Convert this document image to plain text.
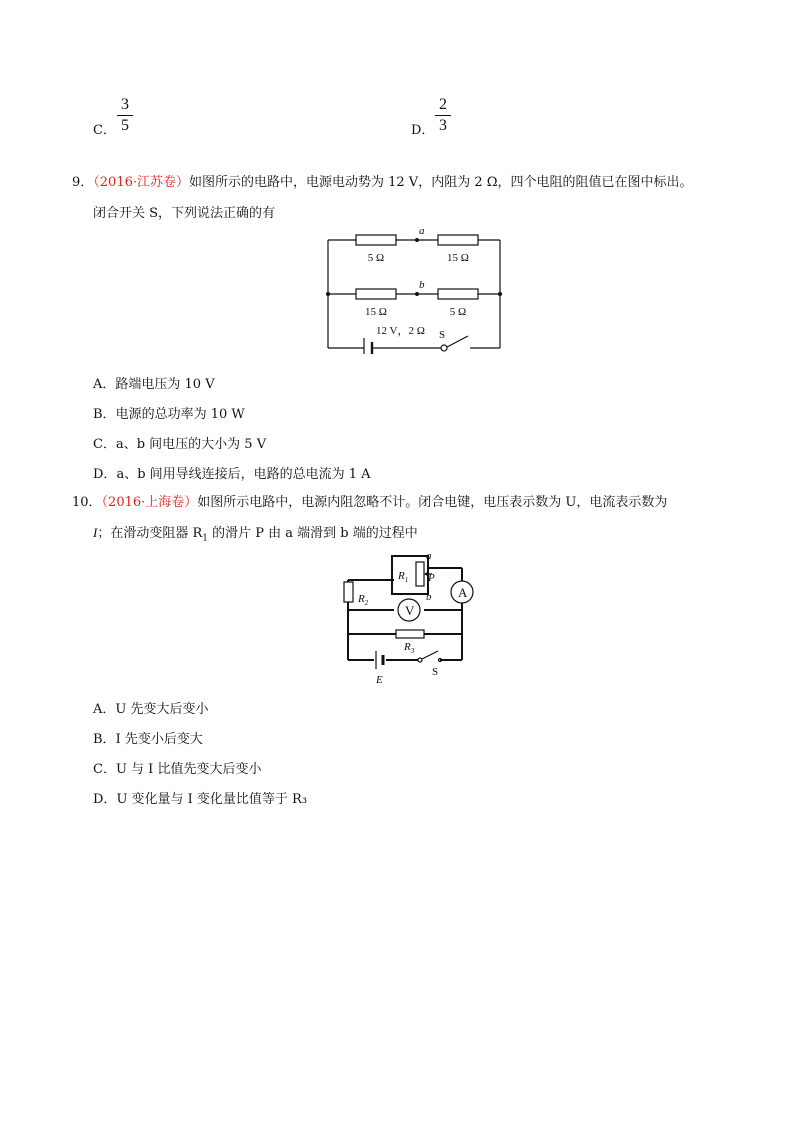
C．
3
5	D．
2
3
9．（2016·江苏卷）如图所示的电路中，电源电动势为 12 V，内阻为 2 Ω，四个电阻的阻值已在图中标出。
闭合开关 S，下列说法正确的有
a
b
5 Ω	15 Ω
15 Ω	5 Ω
12 V，2 Ω S
A．路端电压为 10 V
B．电源的总功率为 10 W
C．a、b 间电压的大小为 5 V
D．a、b 间用导线连接后，电路的总电流为 1 A
10．（2016·上海卷）如图所示电路中，电源内阻忽略不计。闭合电键，电压表示数为 U，电流表示数为
I；在滑动变阻器 $R_1$ 的滑片 P 由 a 端滑到 b 端的过程中
$R_1$
a
P
b
$R_2$	V
A
$R_3$
E
S
A．U 先变大后变小
B．I 先变小后变大
C．U 与 I 比值先变大后变小
D．U 变化量与 I 变化量比值等于 R₃
